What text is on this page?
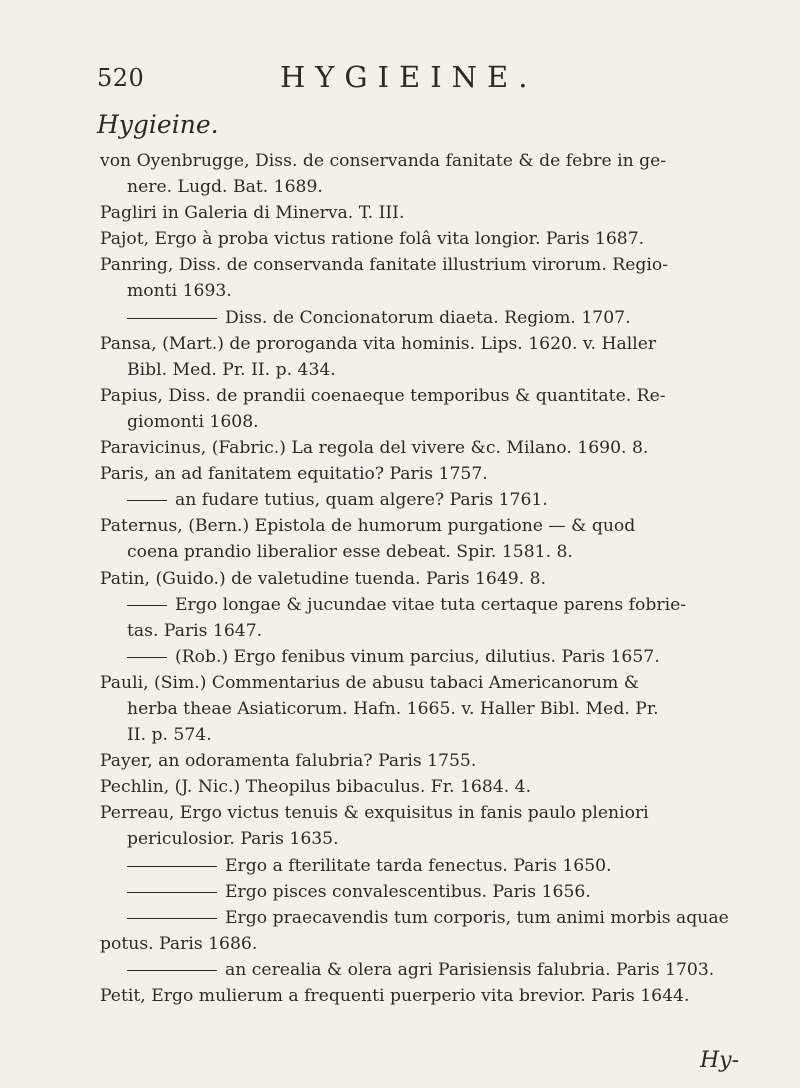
520	HYGIEINE.
Hygieine.
von Oyenbrugge, Diss. de conservanda fanitate & de febre in ge-
nere. Lugd. Bat. 1689.
Pagliri in Galeria di Minerva. T. III.
Pajot, Ergo à proba victus ratione folâ vita longior. Paris 1687.
Panring, Diss. de conservanda fanitate illustrium virorum. Regio-
monti 1693.
Diss. de Concionatorum diaeta. Regiom. 1707.
Pansa, (Mart.) de proroganda vita hominis. Lips. 1620. v. Haller
Bibl. Med. Pr. II. p. 434.
Papius, Diss. de prandii coenaeque temporibus & quantitate. Re-
giomonti 1608.
Paravicinus, (Fabric.) La regola del vivere &c. Milano. 1690. 8.
Paris, an ad fanitatem equitatio? Paris 1757.
an fudare tutius, quam algere? Paris 1761.
Paternus, (Bern.) Epistola de humorum purgatione — & quod
coena prandio liberalior esse debeat. Spir. 1581. 8.
Patin, (Guido.) de valetudine tuenda. Paris 1649. 8.
Ergo longae & jucundae vitae tuta certaque parens fobrie-
tas. Paris 1647.
(Rob.) Ergo fenibus vinum parcius, dilutius. Paris 1657.
Pauli, (Sim.) Commentarius de abusu tabaci Americanorum &
herba theae Asiaticorum. Hafn. 1665. v. Haller Bibl. Med. Pr.
II. p. 574.
Payer, an odoramenta falubria? Paris 1755.
Pechlin, (J. Nic.) Theopilus bibaculus. Fr. 1684. 4.
Perreau, Ergo victus tenuis & exquisitus in fanis paulo pleniori
periculosior. Paris 1635.
Ergo a fterilitate tarda fenectus. Paris 1650.
Ergo pisces convalescentibus. Paris 1656.
Ergo praecavendis tum corporis, tum animi morbis aquae
potus. Paris 1686.
an cerealia & olera agri Parisiensis falubria. Paris 1703.
Petit, Ergo mulierum a frequenti puerperio vita brevior. Paris 1644.
Hy-
